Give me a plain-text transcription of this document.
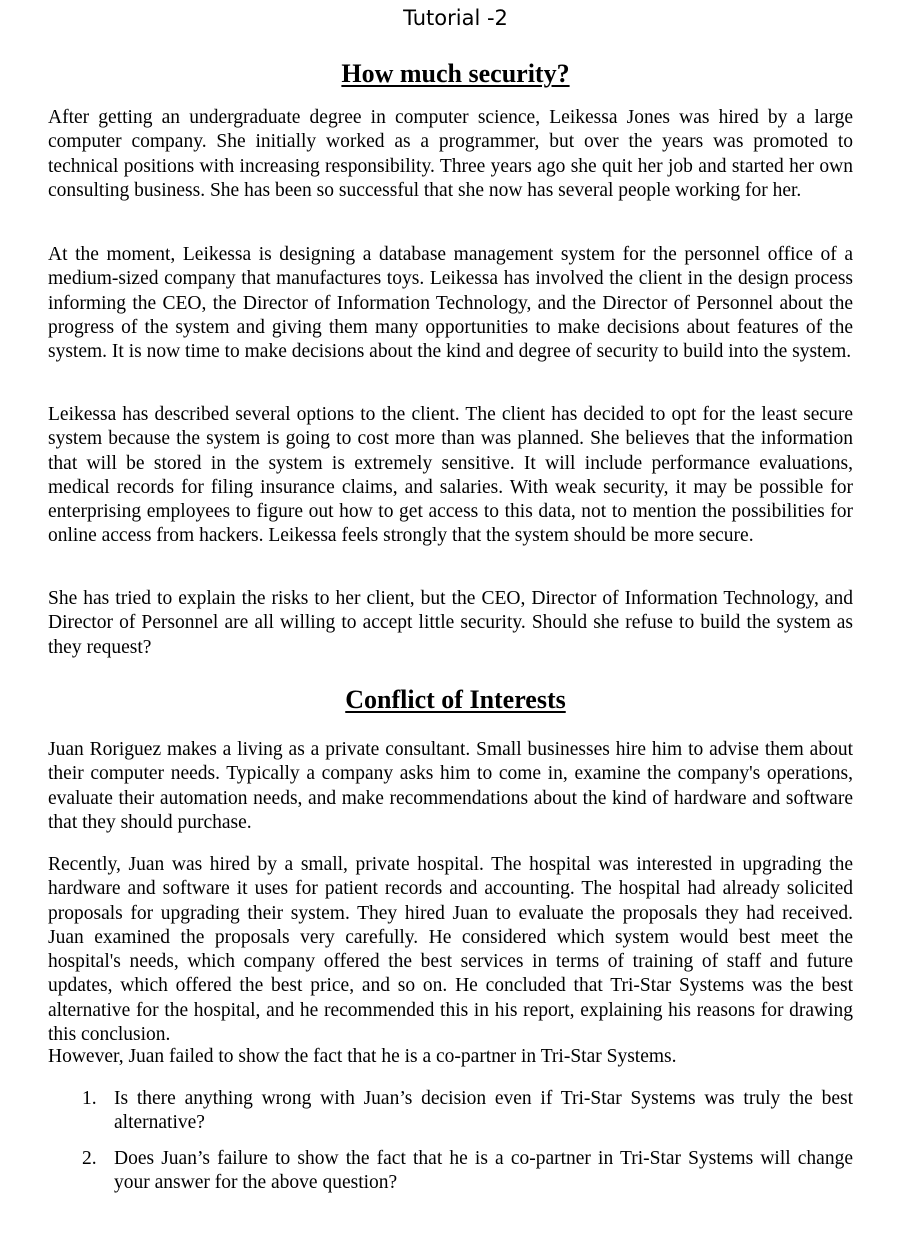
Tutorial -2
How much security?

After getting an undergraduate degree in computer science, Leikessa Jones was hired by a large computer company. She initially worked as a programmer, but over the years was promoted to technical positions with increasing responsibility. Three years ago she quit her job and started her own consulting business. She has been so successful that she now has several people working for her.

At the moment, Leikessa is designing a database management system for the personnel office of a medium-sized company that manufactures toys. Leikessa has involved the client in the design process informing the CEO, the Director of Information Technology, and the Director of Personnel about the progress of the system and giving them many opportunities to make decisions about features of the system. It is now time to make decisions about the kind and degree of security to build into the system.

Leikessa has described several options to the client. The client has decided to opt for the least secure system because the system is going to cost more than was planned. She believes that the information that will be stored in the system is extremely sensitive. It will include performance evaluations, medical records for filing insurance claims, and salaries. With weak security, it may be possible for enterprising employees to figure out how to get access to this data, not to mention the possibilities for online access from hackers. Leikessa feels strongly that the system should be more secure.

She has tried to explain the risks to her client, but the CEO, Director of Information Technology, and Director of Personnel are all willing to accept little security. Should she refuse to build the system as they request?

Conflict of Interests

Juan Roriguez makes a living as a private consultant. Small businesses hire him to advise them about their computer needs. Typically a company asks him to come in, examine the company's operations, evaluate their automation needs, and make recommendations about the kind of hardware and software that they should purchase.

Recently, Juan was hired by a small, private hospital. The hospital was interested in upgrading the hardware and software it uses for patient records and accounting. The hospital had already solicited proposals for upgrading their system. They hired Juan to evaluate the proposals they had received. Juan examined the proposals very carefully. He considered which system would best meet the hospital's needs, which company offered the best services in terms of training of staff and future updates, which offered the best price, and so on. He concluded that Tri-Star Systems was the best alternative for the hospital, and he recommended this in his report, explaining his reasons for drawing this conclusion.

However, Juan failed to show the fact that he is a co-partner in Tri-Star Systems.

1. Is there anything wrong with Juan’s decision even if Tri-Star Systems was truly the best alternative?
2. Does Juan’s failure to show the fact that he is a co-partner in Tri-Star Systems will change your answer for the above question?
